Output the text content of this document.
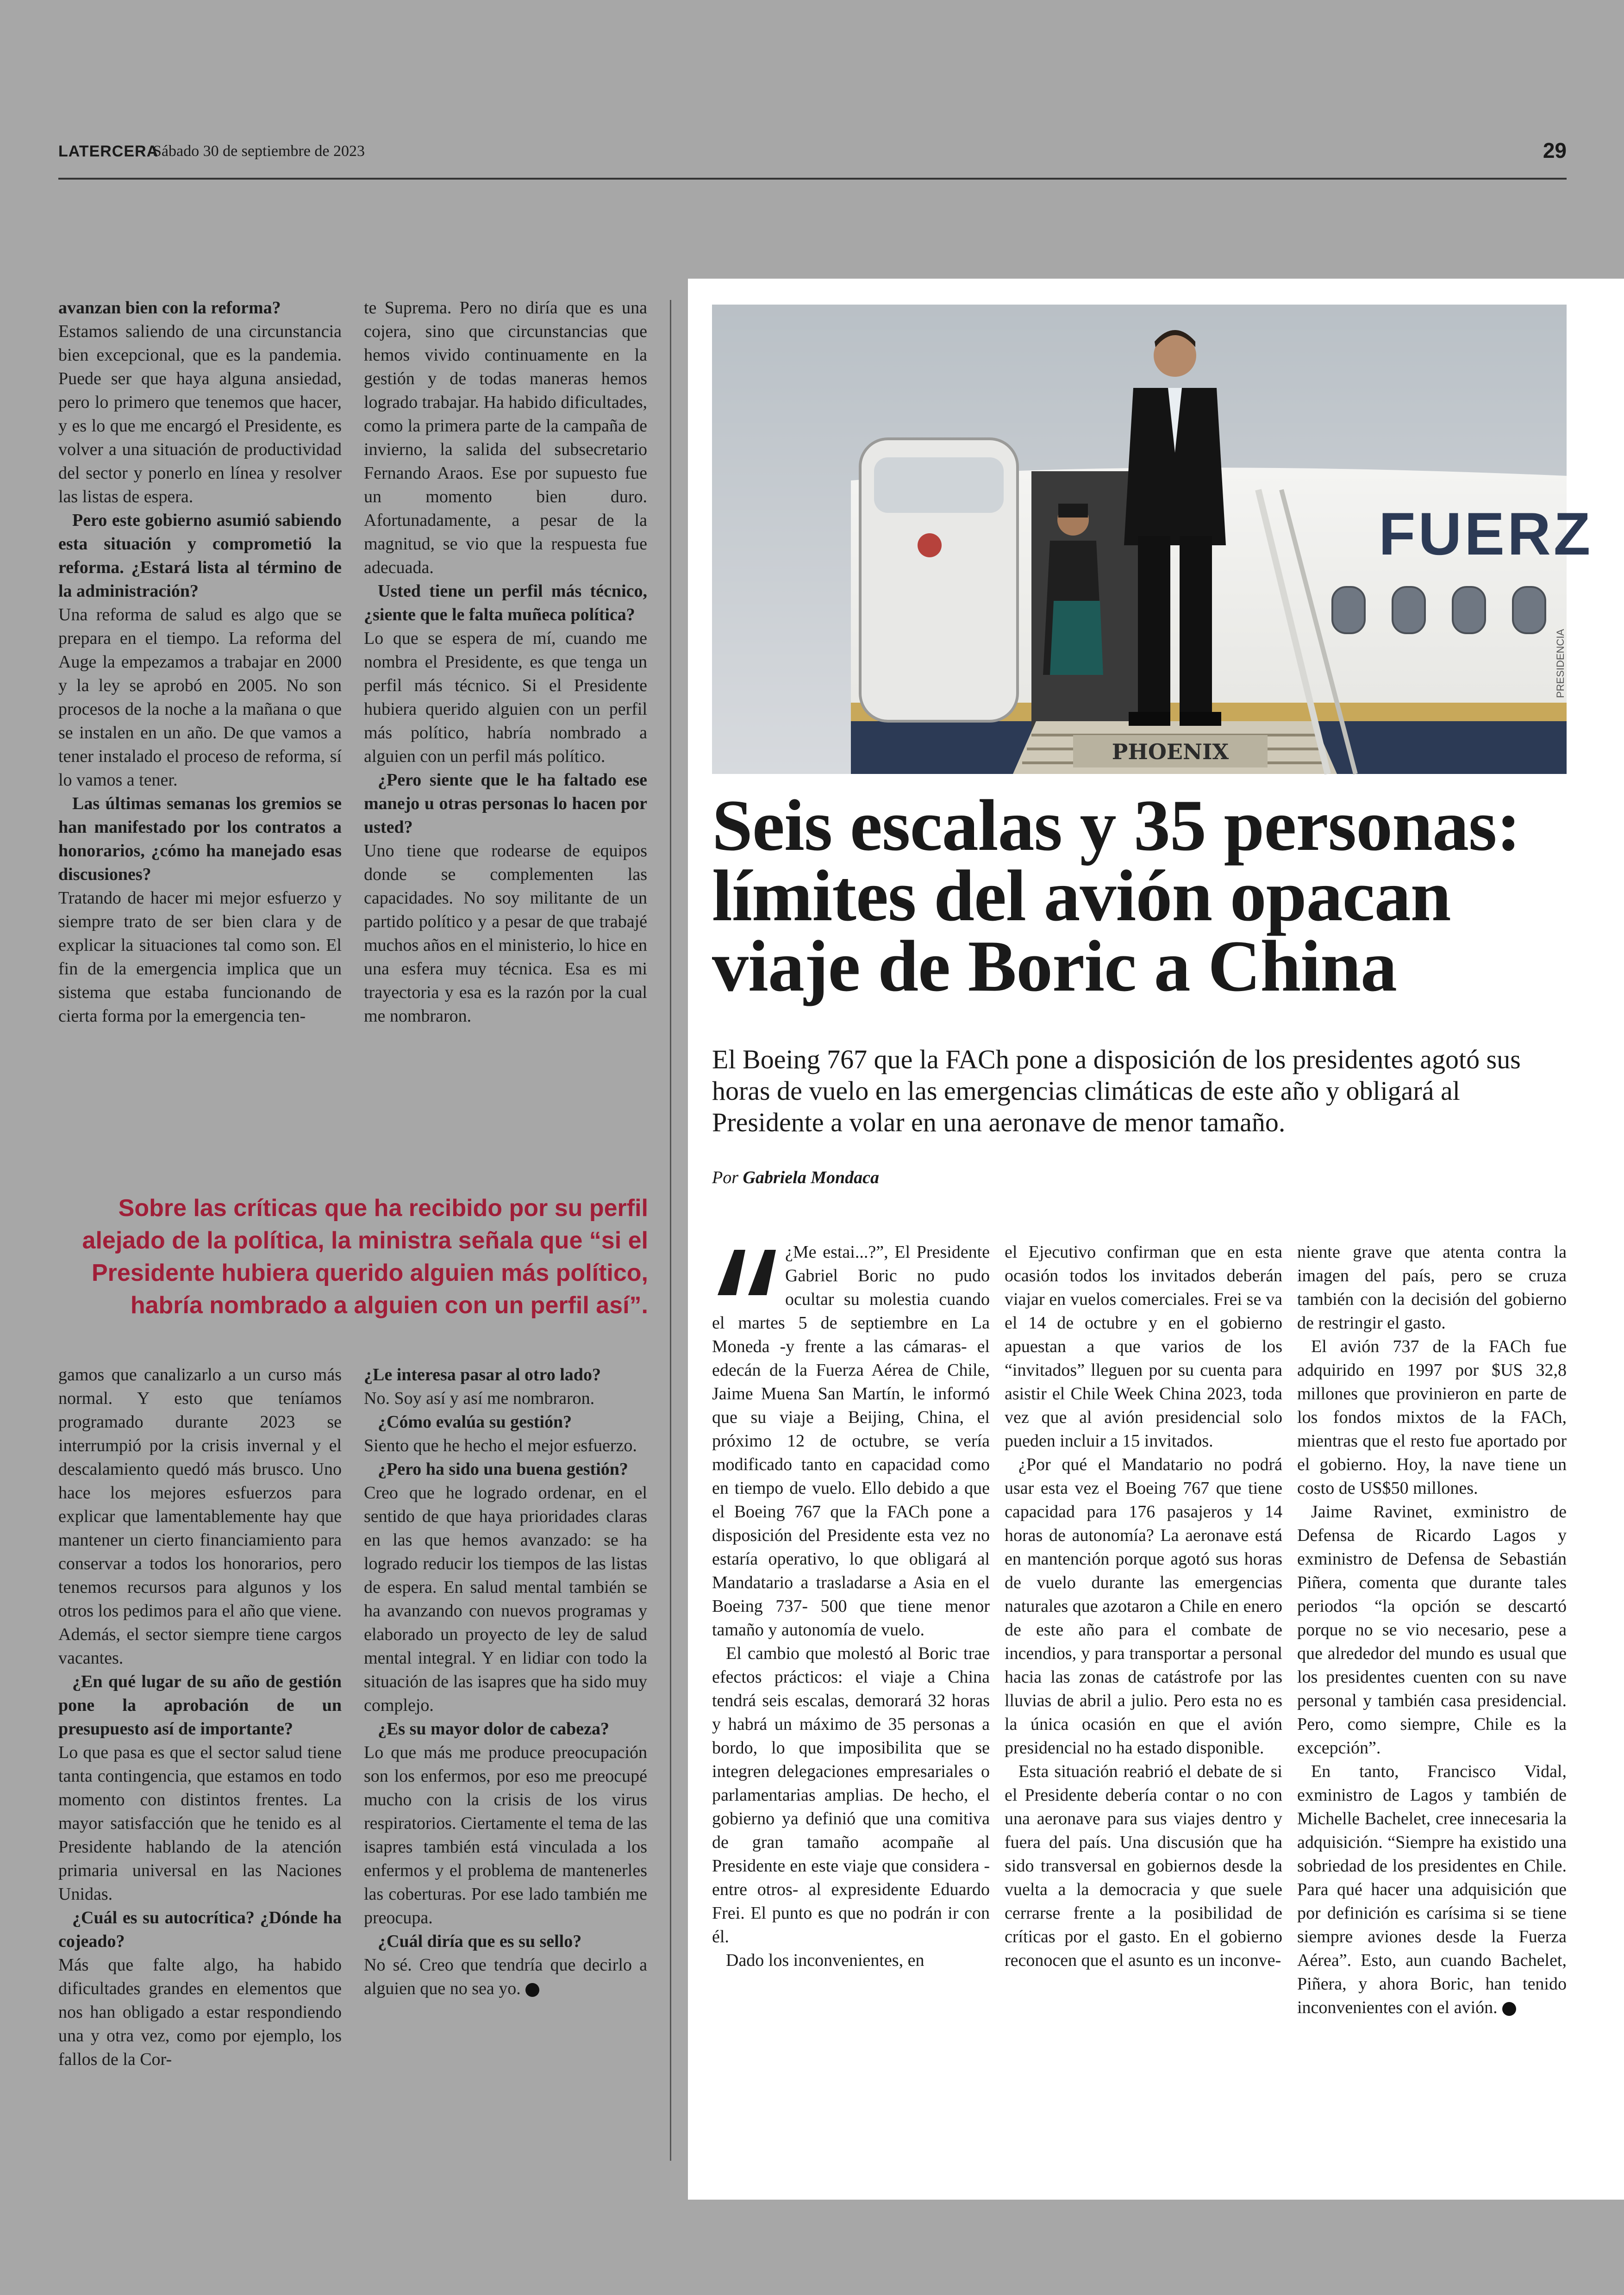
LATERCERA
Sábado 30 de septiembre de 2023	29

avanzan bien con la reforma?

Estamos saliendo de una circunstancia bien excepcional, que es la pandemia. Puede ser que haya alguna ansiedad, pero lo primero que tenemos que hacer, y es lo que me encargó el Presidente, es volver a una situación de productividad del sector y ponerlo en línea y resolver las listas de espera.

Pero este gobierno asumió sabiendo esta situación y comprometió la reforma. ¿Estará lista al término de la administración?

Una reforma de salud es algo que se prepara en el tiempo. La reforma del Auge la empezamos a trabajar en 2000 y la ley se aprobó en 2005. No son procesos de la noche a la mañana o que se instalen en un año. De que vamos a tener instalado el proceso de reforma, sí lo vamos a tener.

Las últimas semanas los gremios se han manifestado por los contratos a honorarios, ¿cómo ha manejado esas discusiones?

Tratando de hacer mi mejor esfuerzo y siempre trato de ser bien clara y de explicar la situaciones tal como son. El fin de la emergencia implica que un sistema que estaba funcionando de cierta forma por la emergencia ten-

te Suprema. Pero no diría que es una cojera, sino que circunstancias que hemos vivido continuamente en la gestión y de todas maneras hemos logrado trabajar. Ha habido dificultades, como la primera parte de la campaña de invierno, la salida del subsecretario Fernando Araos. Ese por supuesto fue un momento bien duro. Afortunadamente, a pesar de la magnitud, se vio que la respuesta fue adecuada.

Usted tiene un perfil más técnico, ¿siente que le falta muñeca política?

Lo que se espera de mí, cuando me nombra el Presidente, es que tenga un perfil más técnico. Si el Presidente hubiera querido alguien con un perfil más político, habría nombrado a alguien con un perfil más político.

¿Pero siente que le ha faltado ese manejo u otras personas lo hacen por usted?

Uno tiene que rodearse de equipos donde se complementen las capacidades. No soy militante de un partido político y a pesar de que trabajé muchos años en el ministerio, lo hice en una esfera muy técnica. Esa es mi trayectoria y esa es la razón por la cual me nombraron.

Sobre las críticas que ha recibido por su perfil alejado de la política, la ministra señala que “si el Presidente hubiera querido alguien más político, habría nombrado a alguien con un perfil así”.

gamos que canalizarlo a un curso más normal. Y esto que teníamos programado durante 2023 se interrumpió por la crisis invernal y el descalamiento quedó más brusco. Uno hace los mejores esfuerzos para explicar que lamentablemente hay que mantener un cierto financiamiento para conservar a todos los honorarios, pero tenemos recursos para algunos y los otros los pedimos para el año que viene. Además, el sector siempre tiene cargos vacantes.

¿En qué lugar de su año de gestión pone la aprobación de un presupuesto así de importante?

Lo que pasa es que el sector salud tiene tanta contingencia, que estamos en todo momento con distintos frentes. La mayor satisfacción que he tenido es al Presidente hablando de la atención primaria universal en las Naciones Unidas.

¿Cuál es su autocrítica? ¿Dónde ha cojeado?

Más que falte algo, ha habido dificultades grandes en elementos que nos han obligado a estar respondiendo una y otra vez, como por ejemplo, los fallos de la Cor-

¿Le interesa pasar al otro lado?

No. Soy así y así me nombraron.

¿Cómo evalúa su gestión?

Siento que he hecho el mejor esfuerzo.

¿Pero ha sido una buena gestión?

Creo que he logrado ordenar, en el sentido de que haya prioridades claras en las que hemos avanzado: se ha logrado reducir los tiempos de las listas de espera. En salud mental también se ha avanzando con nuevos programas y elaborado un proyecto de ley de salud mental integral. Y en lidiar con todo la situación de las isapres que ha sido muy complejo.

¿Es su mayor dolor de cabeza?

Lo que más me produce preocupación son los enfermos, por eso me preocupé mucho con la crisis de los virus respiratorios. Ciertamente el tema de las isapres también está vinculada a los enfermos y el problema de mantenerles las coberturas. Por ese lado también me preocupa.

¿Cuál diría que es su sello?

No sé. Creo que tendría que decirlo a alguien que no sea yo.

FUERZ
PHOENIX
PRESIDENCIA
Seis escalas y 35 personas: límites del avión opacan viaje de Boric a China
El Boeing 767 que la FACh pone a disposición de los presidentes agotó sus horas de vuelo en las emergencias climáticas de este año y obligará al Presidente a volar en una aeronave de menor tamaño.
Por Gabriela Mondaca

¿Me estai...?”, El Presidente Gabriel Boric no pudo ocultar su molestia cuando el martes 5 de septiembre en La Moneda -y frente a las cámaras- el edecán de la Fuerza Aérea de Chile, Jaime Muena San Martín, le informó que su viaje a Beijing, China, el próximo 12 de octubre, se vería modificado tanto en capacidad como en tiempo de vuelo. Ello debido a que el Boeing 767 que la FACh pone a disposición del Presidente esta vez no estaría operativo, lo que obligará al Mandatario a trasladarse a Asia en el Boeing 737- 500 que tiene menor tamaño y autonomía de vuelo.

El cambio que molestó al Boric trae efectos prácticos: el viaje a China tendrá seis escalas, demorará 32 horas y habrá un máximo de 35 personas a bordo, lo que imposibilita que se integren delegaciones empresariales o parlamentarias amplias. De hecho, el gobierno ya definió que una comitiva de gran tamaño acompañe al Presidente en este viaje que considera -entre otros- al expresidente Eduardo Frei. El punto es que no podrán ir con él.

Dado los inconvenientes, en

el Ejecutivo confirman que en esta ocasión todos los invitados deberán viajar en vuelos comerciales. Frei se va el 14 de octubre y en el gobierno apuestan a que varios de los “invitados” lleguen por su cuenta para asistir el Chile Week China 2023, toda vez que al avión presidencial solo pueden incluir a 15 invitados.

¿Por qué el Mandatario no podrá usar esta vez el Boeing 767 que tiene capacidad para 176 pasajeros y 14 horas de autonomía? La aeronave está en mantención porque agotó sus horas de vuelo durante las emergencias naturales que azotaron a Chile en enero de este año para el combate de incendios, y para transportar a personal hacia las zonas de catástrofe por las lluvias de abril a julio. Pero esta no es la única ocasión en que el avión presidencial no ha estado disponible.

Esta situación reabrió el debate de si el Presidente debería contar o no con una aeronave para sus viajes dentro y fuera del país. Una discusión que ha sido transversal en gobiernos desde la vuelta a la democracia y que suele cerrarse frente a la posibilidad de críticas por el gasto. En el gobierno reconocen que el asunto es un inconve-

niente grave que atenta contra la imagen del país, pero se cruza también con la decisión del gobierno de restringir el gasto.

El avión 737 de la FACh fue adquirido en 1997 por $US 32,8 millones que provinieron en parte de los fondos mixtos de la FACh, mientras que el resto fue aportado por el gobierno. Hoy, la nave tiene un costo de US$50 millones.

Jaime Ravinet, exministro de Defensa de Ricardo Lagos y exministro de Defensa de Sebastián Piñera, comenta que durante tales periodos “la opción se descartó porque no se vio necesario, pese a que alrededor del mundo es usual que los presidentes cuenten con su nave personal y también casa presidencial. Pero, como siempre, Chile es la excepción”.

En tanto, Francisco Vidal, exministro de Lagos y también de Michelle Bachelet, cree innecesaria la adquisición. “Siempre ha existido una sobriedad de los presidentes en Chile. Para qué hacer una adquisición que por definición es carísima si se tiene siempre aviones desde la Fuerza Aérea”. Esto, aun cuando Bachelet, Piñera, y ahora Boric, han tenido inconvenientes con el avión.
